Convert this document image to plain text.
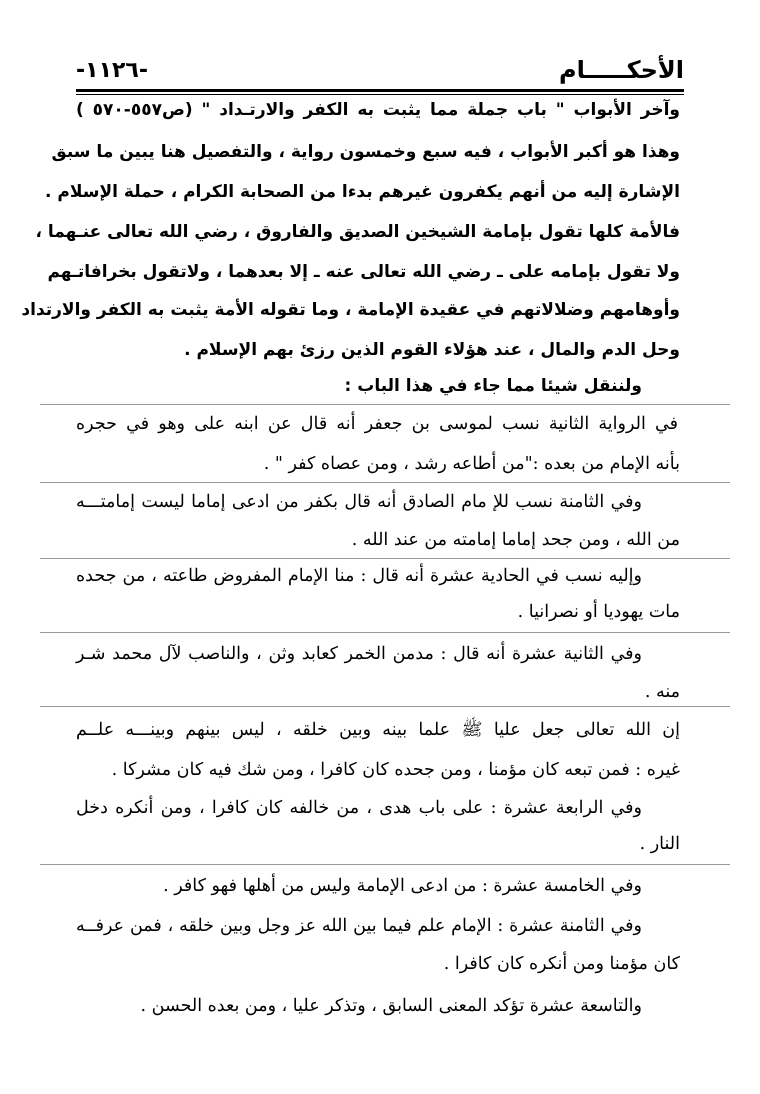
الأحكـــــام
-١١٢٦-
وآخر الأبواب " باب جملة مما يثبت به الكفر والارتـداد " (ص٥٥٧-٥٧٠ )
وهذا هو أكبر الأبواب ، فيه سبع وخمسون رواية ، والتفصيل هنا يبين ما سبق
الإشارة إليه من أنهم يكفرون غيرهم بدءا من الصحابة الكرام ، حملة الإسلام .
فالأمة كلها تقول بإمامة الشيخين الصديق والفاروق ، رضي الله تعالى عنـهما ،
ولا تقول بإمامه على ـ رضي الله تعالى عنه ـ إلا بعدهما ، ولاتقول بخرافاتـهم
وأوهامهم وضلالاتهم في عقيدة الإمامة ، وما تقوله الأمة يثبت به الكفر والارتداد
وحل الدم والمال ، عند هؤلاء القوم الذين رزئ بهم الإسلام .
ولننقل شيئا مما جاء في هذا الباب :
في الرواية الثانية نسب لموسى بن جعفر أنه قال عن ابنه على وهو في حجره
بأنه الإمام من بعده :"من أطاعه رشد ، ومن عصاه كفر " .
وفي الثامنة نسب للإ مام الصادق أنه قال بكفر من ادعى إماما ليست إمامتـــه
من الله ، ومن جحد إماما إمامته من عند الله .
وإليه نسب في الحادية عشرة أنه قال : منا الإمام المفروض طاعته ، من جحده
مات يهوديا أو نصرانيا .
وفي الثانية عشرة أنه قال : مدمن الخمر كعابد وثن ، والناصب لآل محمد شـر
منه .
إن الله تعالى جعل عليا ﷺ علما بينه وبين خلقه ، ليس بينهم وبينـــه علــم
غيره : فمن تبعه كان مؤمنا ، ومن جحده كان كافرا ، ومن شك فيه كان مشركا .
وفي الرابعة عشرة : على باب هدى ، من خالفه كان كافرا ، ومن أنكره دخل
النار .
وفي الخامسة عشرة : من ادعى الإمامة وليس من أهلها فهو كافر .
وفي الثامنة عشرة : الإمام علم فيما بين الله عز وجل وبين خلقه ، فمن عرفــه
كان مؤمنا ومن أنكره كان كافرا .
والتاسعة عشرة تؤكد المعنى السابق ، وتذكر عليا ، ومن بعده الحسن .
